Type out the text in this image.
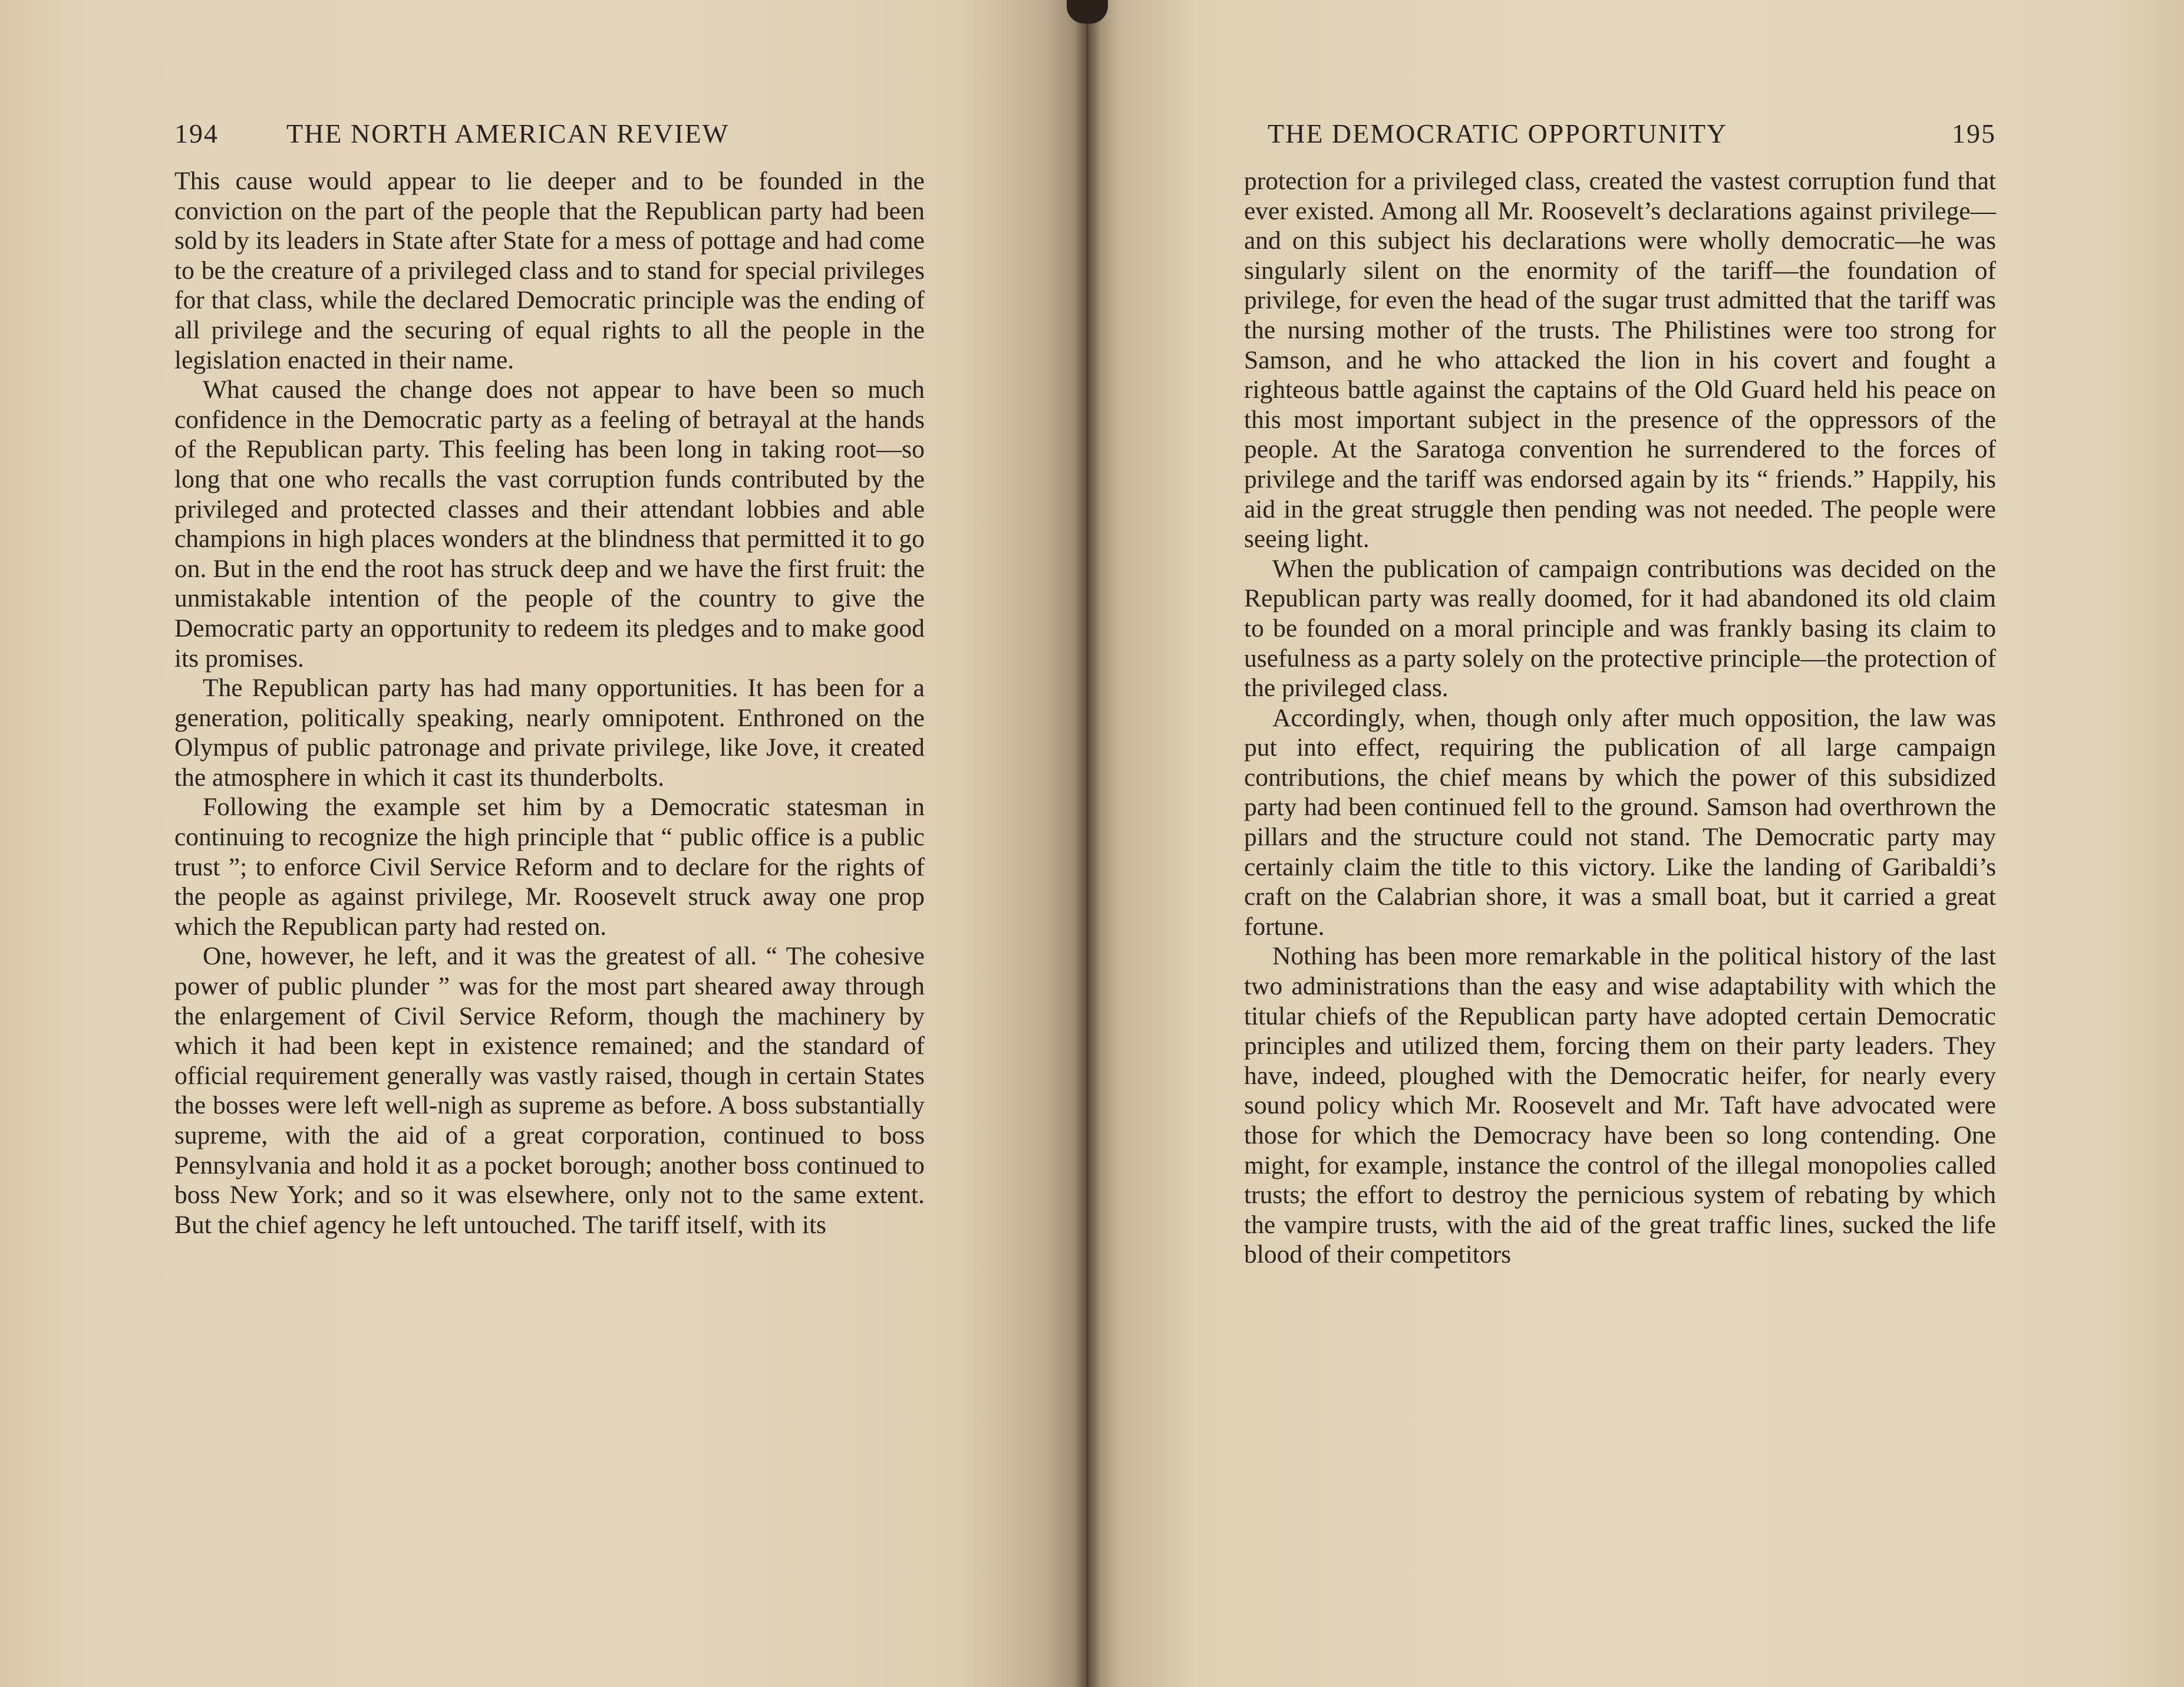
194	THE NORTH AMERICAN REVIEW

This cause would appear to lie deeper and to be founded in the conviction on the part of the people that the Republican party had been sold by its leaders in State after State for a mess of pottage and had come to be the creature of a privileged class and to stand for special privileges for that class, while the declared Democratic principle was the ending of all privilege and the securing of equal rights to all the people in the legislation enacted in their name.

What caused the change does not appear to have been so much confidence in the Democratic party as a feeling of betrayal at the hands of the Republican party. This feeling has been long in taking root—so long that one who recalls the vast corruption funds contributed by the privileged and protected classes and their attendant lobbies and able champions in high places wonders at the blindness that permitted it to go on. But in the end the root has struck deep and we have the first fruit: the unmistakable intention of the people of the country to give the Democratic party an opportunity to redeem its pledges and to make good its promises.

The Republican party has had many opportunities. It has been for a generation, politically speaking, nearly omnipotent. Enthroned on the Olympus of public patronage and private privilege, like Jove, it created the atmosphere in which it cast its thunderbolts.

Following the example set him by a Democratic statesman in continuing to recognize the high principle that “ public office is a public trust ”; to enforce Civil Service Reform and to declare for the rights of the people as against privilege, Mr. Roosevelt struck away one prop which the Republican party had rested on.

One, however, he left, and it was the greatest of all. “ The cohesive power of public plunder ” was for the most part sheared away through the enlargement of Civil Service Reform, though the machinery by which it had been kept in existence remained; and the standard of official requirement generally was vastly raised, though in certain States the bosses were left well-nigh as supreme as before. A boss substantially supreme, with the aid of a great corporation, continued to boss Pennsylvania and hold it as a pocket borough; another boss continued to boss New York; and so it was elsewhere, only not to the same extent. But the chief agency he left untouched. The tariff itself, with its

THE DEMOCRATIC OPPORTUNITY	195

protection for a privileged class, created the vastest corruption fund that ever existed. Among all Mr. Roosevelt’s declarations against privilege—and on this subject his declarations were wholly democratic—he was singularly silent on the enormity of the tariff—the foundation of privilege, for even the head of the sugar trust admitted that the tariff was the nursing mother of the trusts. The Philistines were too strong for Samson, and he who attacked the lion in his covert and fought a righteous battle against the captains of the Old Guard held his peace on this most important subject in the presence of the oppressors of the people. At the Saratoga convention he surrendered to the forces of privilege and the tariff was endorsed again by its “ friends.” Happily, his aid in the great struggle then pending was not needed. The people were seeing light.

When the publication of campaign contributions was decided on the Republican party was really doomed, for it had abandoned its old claim to be founded on a moral principle and was frankly basing its claim to usefulness as a party solely on the protective principle—the protection of the privileged class.

Accordingly, when, though only after much opposition, the law was put into effect, requiring the publication of all large campaign contributions, the chief means by which the power of this subsidized party had been continued fell to the ground. Samson had overthrown the pillars and the structure could not stand. The Democratic party may certainly claim the title to this victory. Like the landing of Garibaldi’s craft on the Calabrian shore, it was a small boat, but it carried a great fortune.

Nothing has been more remarkable in the political history of the last two administrations than the easy and wise adaptability with which the titular chiefs of the Republican party have adopted certain Democratic principles and utilized them, forcing them on their party leaders. They have, indeed, ploughed with the Democratic heifer, for nearly every sound policy which Mr. Roosevelt and Mr. Taft have advocated were those for which the Democracy have been so long contending. One might, for example, instance the control of the illegal monopolies called trusts; the effort to destroy the pernicious system of rebating by which the vampire trusts, with the aid of the great traffic lines, sucked the life blood of their competitors
